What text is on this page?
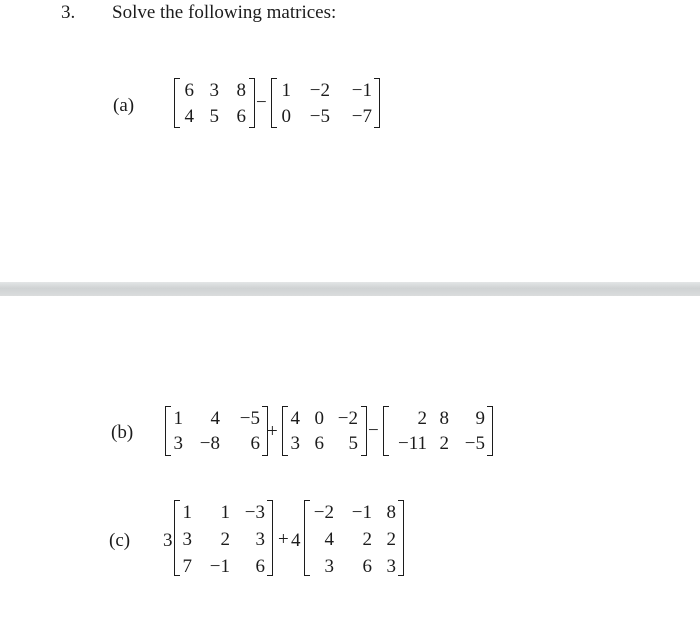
3. Solve the following matrices:
(a)
6 3 8
4 5 6
−
1 −2	−1
0 −5	−7
(b)
1	4	−5
3 −8	6
+
4 0 −2
3 6	5
−
2 8	9
−11 2 −5
(c) 3
1	1 −3
3	2	3
7 −1	6
+ 4
−2 −1 8
4	2 2
3	6 3
